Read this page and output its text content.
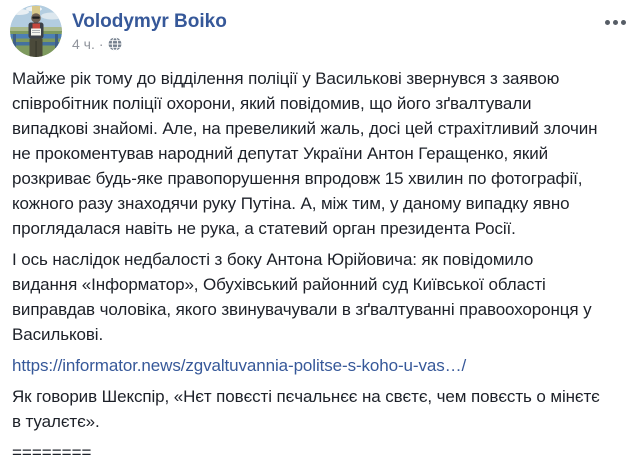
Volodymyr Boiko
4 ч. ·
Майже рік тому до відділення поліції у Василькові звернувся з заявою
співробітник поліції охорони, який повідомив, що його зґвалтували
випадкові знайомі. Але, на превеликий жаль, досі цей страхітливий злочин
не прокоментував народний депутат України Антон Геращенко, який
розкриває будь-яке правопорушення впродовж 15 хвилин по фотографії,
кожного разу знаходячи руку Путіна. А, між тим, у даному випадку явно
проглядалася навіть не рука, а статевий орган президента Росії.
І ось наслідок недбалості з боку Антона Юрійовича: як повідомило
видання «Інформатор», Обухівський районний суд Київської області
виправдав чоловіка, якого звинувачували в зґвалтуванні правоохоронця у
Василькові.
https://informator.news/zgvaltuvannia-politse-s-koho-u-vas…/
Як говорив Шекспір, «Нєт повєсті пєчальнєє на свєтє, чем повєсть о мінєтє
в туалєтє».
========
